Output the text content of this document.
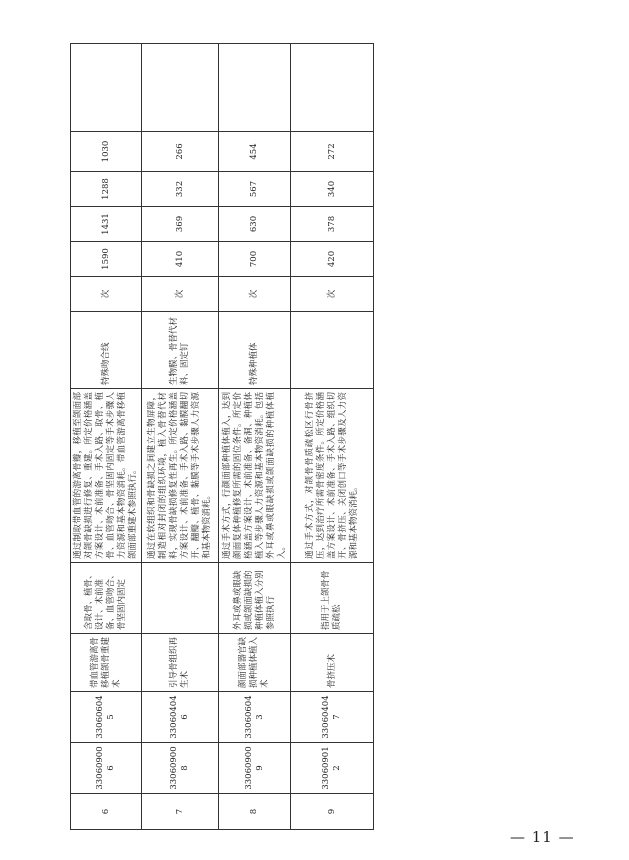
6	330609006	330606045	带血管游离骨移植颌骨重建术	含取骨、植骨、设计、术前准备、血管吻合、骨坚固内固定	通过制取带血管的游离骨瓣，移植至颌面部对颌骨缺损进行修复、重建。所定价格涵盖方案设计、术前准备、手术入路、取骨、植骨、血管吻合、骨坚固内固定等手术步骤人力资源和基本物资消耗。带血管游离骨移植颌面部重建术参照执行。	特殊吻合线	次	1590	1431	1288	1030	
7	330609008	330604046	引导骨组织再生术		通过在软组织和骨缺损之间建立生物屏障，制造相对封闭的组织环境，植入骨替代材料，实现骨缺损修复性再生。所定价格涵盖方案设计、术前准备、手术入路、黏膜翻切开、翻瓣、植骨、黏膜等手术步骤人力资源和基本物资消耗。	生物膜、骨替代材料、固定钉	次	410	369	332	266	
8	330609009	330606043	颜面部器官缺损种植体植入术	外耳或鼻或眼缺损或颌面缺损的种植体植入分别参照执行	通过手术方式，行颜面部种植体植入，达到颜面复体种植修复所需的固位条件。所定价格涵盖方案设计、术前准备、备洞、种植体植入等步骤人力资源和基本物资消耗。包括外耳或鼻或眼缺损或颌面缺损的种植体植入。	特殊种植体	次	700	630	567	454	
9	330609012	330604047	骨挤压术	指用于上颌骨骨质疏松	通过手术方式，对颌骨骨质疏松区行骨挤压，达到治疗所需骨密度条件。所定价格涵盖方案设计、术前准备、手术入路、组织切开、骨挤压、关闭创口等手术步骤及人力资源和基本物资消耗。		次	420	378	340	272	
— 11 —
